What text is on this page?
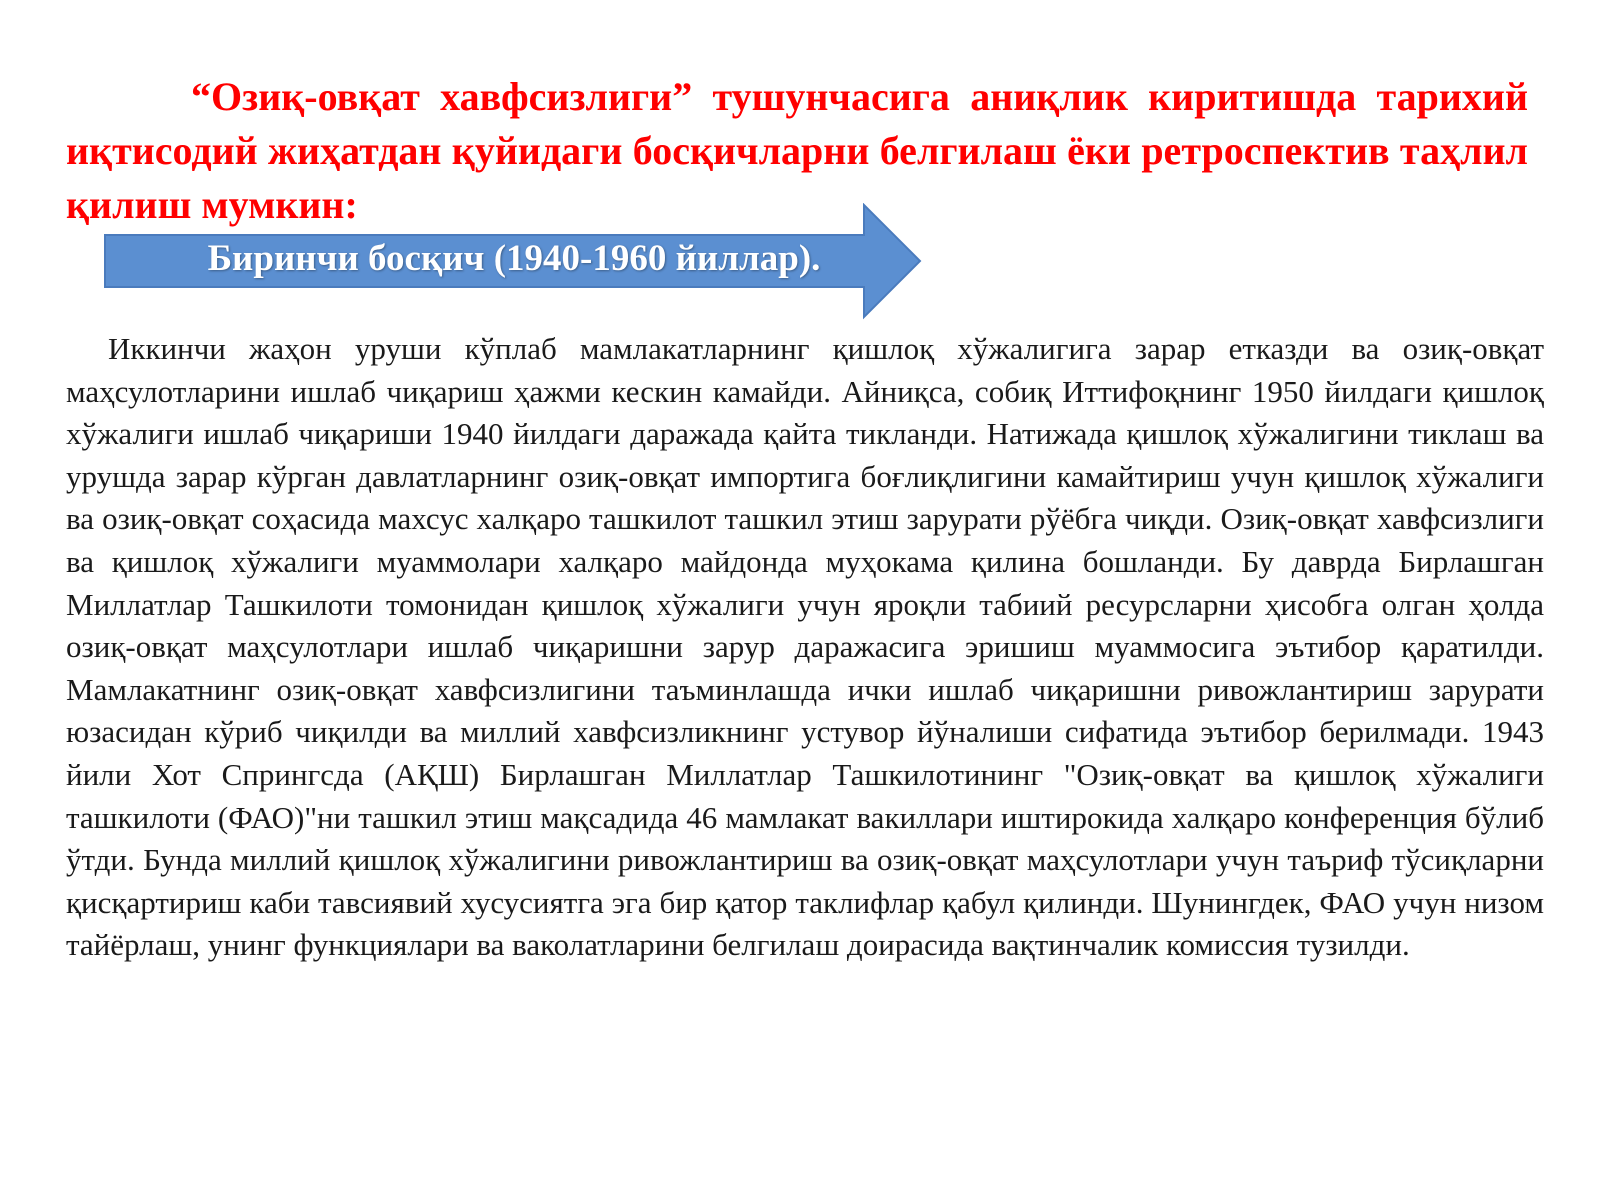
“Озиқ-овқат хавфсизлиги” тушунчасига аниқлик киритишда тарихий иқтисодий жиҳатдан қуйидаги босқичларни белгилаш ёки ретроспектив таҳлил қилиш мумкин:

Биринчи босқич (1940-1960 йиллар).

Иккинчи жаҳон уруши кўплаб мамлакатларнинг қишлоқ хўжалигига зарар етказди ва озиқ-овқат маҳсулотларини ишлаб чиқариш ҳажми кескин камайди. Айниқса, собиқ Иттифоқнинг 1950 йилдаги қишлоқ хўжалиги ишлаб чиқариши 1940 йилдаги даражада қайта тикланди. Натижада қишлоқ хўжалигини тиклаш ва урушда зарар кўрган давлатларнинг озиқ-овқат импортига боғлиқлигини камайтириш учун қишлоқ хўжалиги ва озиқ-овқат соҳасида махсус халқаро ташкилот ташкил этиш зарурати рўёбга чиқди. Озиқ-овқат хавфсизлиги ва қишлоқ хўжалиги муаммолари халқаро майдонда муҳокама қилина бошланди. Бу даврда Бирлашган Миллатлар Ташкилоти томонидан қишлоқ хўжалиги учун яроқли табиий ресурсларни ҳисобга олган ҳолда озиқ-овқат маҳсулотлари ишлаб чиқаришни зарур даражасига эришиш муаммосига эътибор қаратилди. Мамлакатнинг озиқ-овқат хавфсизлигини таъминлашда ички ишлаб чиқаришни ривожлантириш зарурати юзасидан кўриб чиқилди ва миллий хавфсизликнинг устувор йўналиши сифатида эътибор берилмади. 1943 йили Хот Спрингсда (АҚШ) Бирлашган Миллатлар Ташкилотининг "Озиқ-овқат ва қишлоқ хўжалиги ташкилоти (ФАО)"ни ташкил этиш мақсадида 46 мамлакат вакиллари иштирокида халқаро конференция бўлиб ўтди. Бунда миллий қишлоқ хўжалигини ривожлантириш ва озиқ-овқат маҳсулотлари учун таъриф тўсиқларни қисқартириш каби тавсиявий хусусиятга эга бир қатор таклифлар қабул қилинди. Шунингдек, ФАО учун низом тайёрлаш, унинг функциялари ва ваколатларини белгилаш доирасида вақтинчалик комиссия тузилди.
